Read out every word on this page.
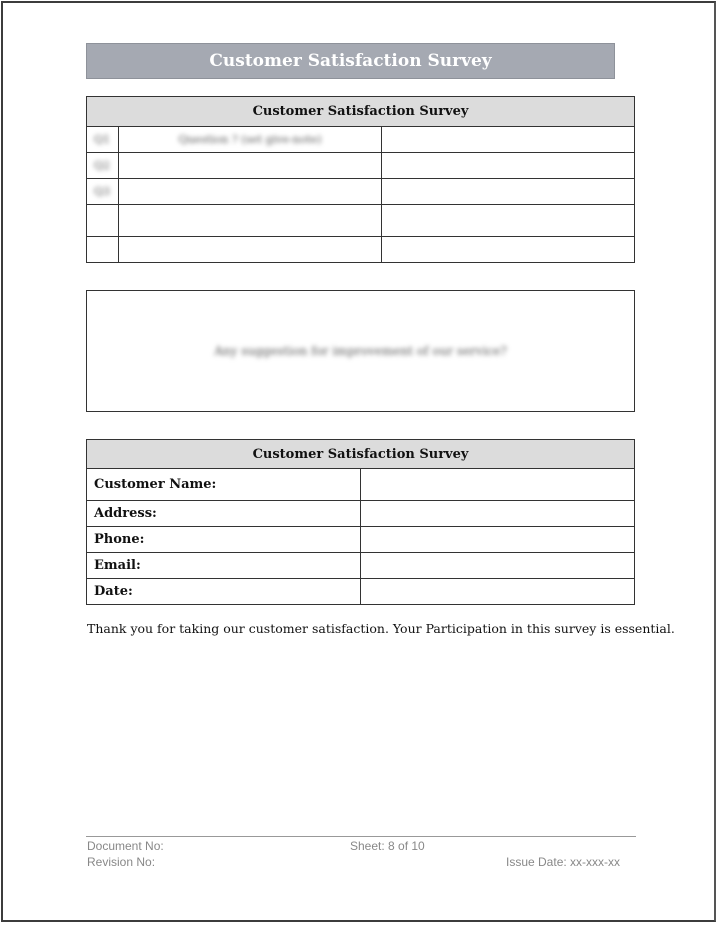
Customer Satisfaction Survey
Customer Satisfaction Survey		
Q1	Question ? (set give-note)	
Q2		
Q3		

Any suggestion for improvement of our service?
Customer Satisfaction Survey	
Customer Name:	
Address:	
Phone:	
Email:	
Date:	
Thank you for taking our customer satisfaction. Your Participation in this survey is essential.
Document No:
Revision No:
Sheet: 8 of 10
Issue Date: xx-xxx-xx
